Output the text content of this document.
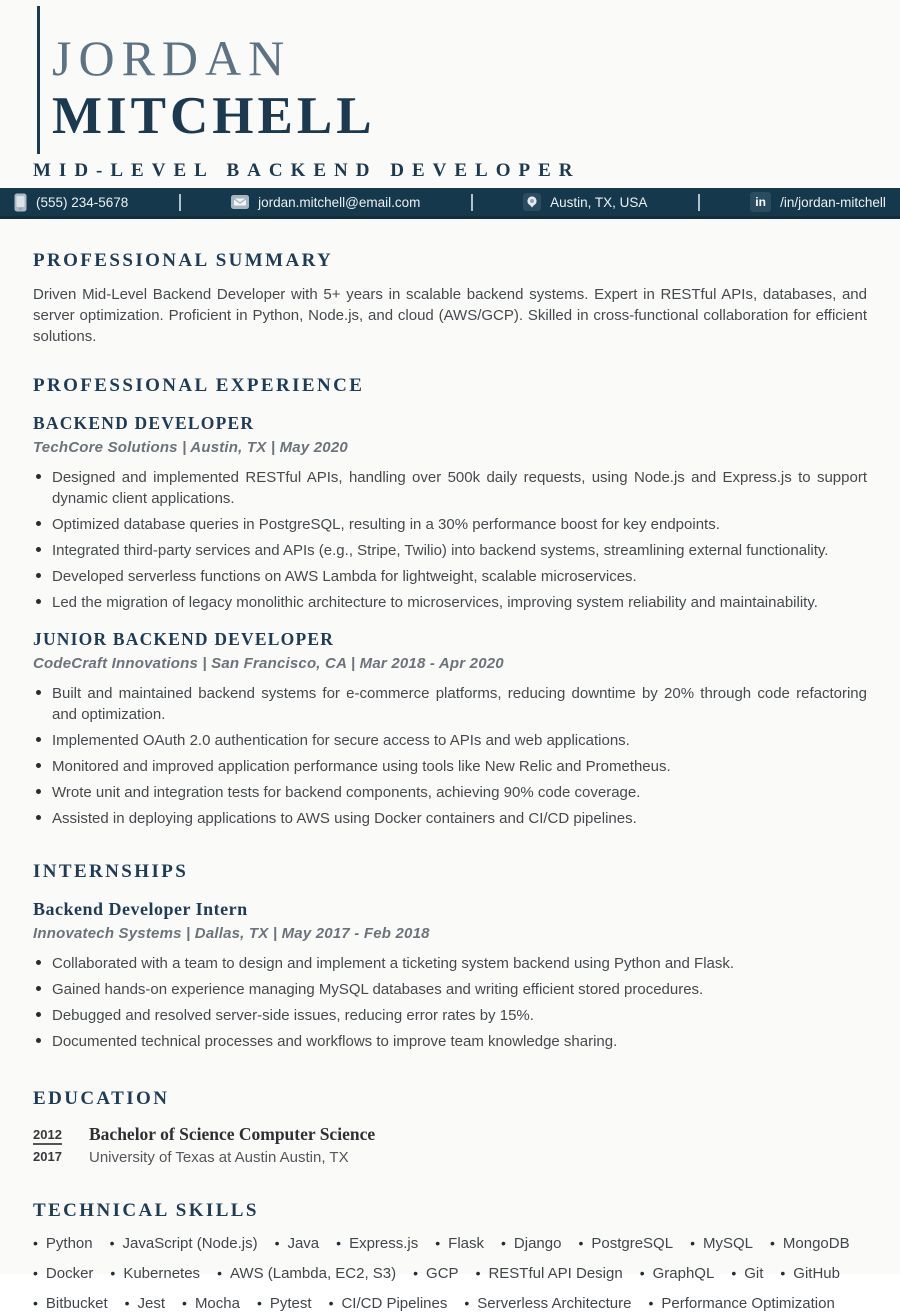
JORDAN
MITCHELL
MID-LEVEL BACKEND DEVELOPER
(555) 234-5678	jordan.mitchell@email.com	Austin, TX, USA	in	/in/jordan-mitchell
PROFESSIONAL SUMMARY

Driven Mid-Level Backend Developer with 5+ years in scalable backend systems. Expert in RESTful APIs, databases, and server optimization. Proficient in Python, Node.js, and cloud (AWS/GCP). Skilled in cross-functional collaboration for efficient solutions.

PROFESSIONAL EXPERIENCE
BACKEND DEVELOPER
TechCore Solutions | Austin, TX | May 2020
Designed and implemented RESTful APIs, handling over 500k daily requests, using Node.js and Express.js to support dynamic client applications.
Optimized database queries in PostgreSQL, resulting in a 30% performance boost for key endpoints.
Integrated third-party services and APIs (e.g., Stripe, Twilio) into backend systems, streamlining external functionality.
Developed serverless functions on AWS Lambda for lightweight, scalable microservices.
Led the migration of legacy monolithic architecture to microservices, improving system reliability and maintainability.
JUNIOR BACKEND DEVELOPER
CodeCraft Innovations | San Francisco, CA | Mar 2018 - Apr 2020
Built and maintained backend systems for e-commerce platforms, reducing downtime by 20% through code refactoring and optimization.
Implemented OAuth 2.0 authentication for secure access to APIs and web applications.
Monitored and improved application performance using tools like New Relic and Prometheus.
Wrote unit and integration tests for backend components, achieving 90% code coverage.
Assisted in deploying applications to AWS using Docker containers and CI/CD pipelines.
INTERNSHIPS
Backend Developer Intern
Innovatech Systems | Dallas, TX | May 2017 - Feb 2018
Collaborated with a team to design and implement a ticketing system backend using Python and Flask.
Gained hands-on experience managing MySQL databases and writing efficient stored procedures.
Debugged and resolved server-side issues, reducing error rates by 15%.
Documented technical processes and workflows to improve team knowledge sharing.
EDUCATION
2012
2017
Bachelor of Science Computer Science
University of Texas at Austin Austin, TX
TECHNICAL SKILLS
• Python • JavaScript (Node.js) • Java • Express.js • Flask • Django • PostgreSQL • MySQL • MongoDB
• Docker • Kubernetes • AWS (Lambda, EC2, S3) • GCP • RESTful API Design • GraphQL • Git • GitHub
• Bitbucket • Jest • Mocha • Pytest • CI/CD Pipelines • Serverless Architecture • Performance Optimization
